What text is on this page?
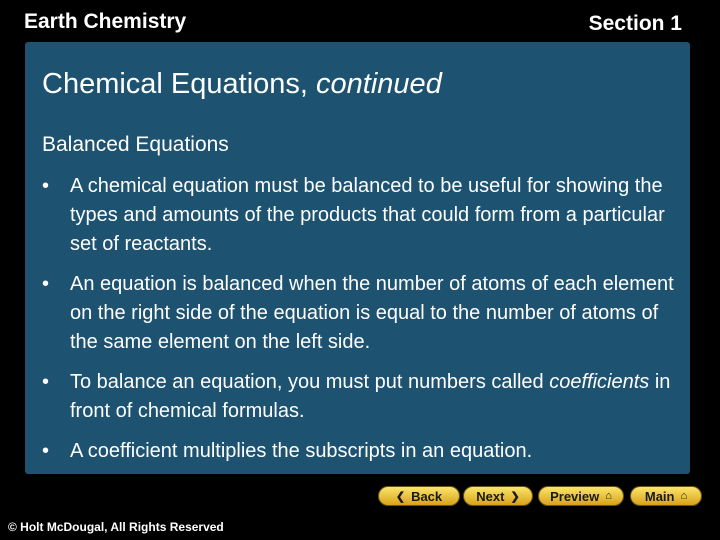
Earth Chemistry	Section 1
Chemical Equations, continued
Balanced Equations
• A chemical equation must be balanced to be useful for showing the types and amounts of the products that could form from a particular set of reactants.
• An equation is balanced when the number of atoms of each element on the right side of the equation is equal to the number of atoms of the same element on the left side.
• To balance an equation, you must put numbers called coefficients in front of chemical formulas.
• A coefficient multiplies the subscripts in an equation.
❮ Back	Next ❯ Preview ⌂	Main ⌂
© Holt McDougal, All Rights Reserved
